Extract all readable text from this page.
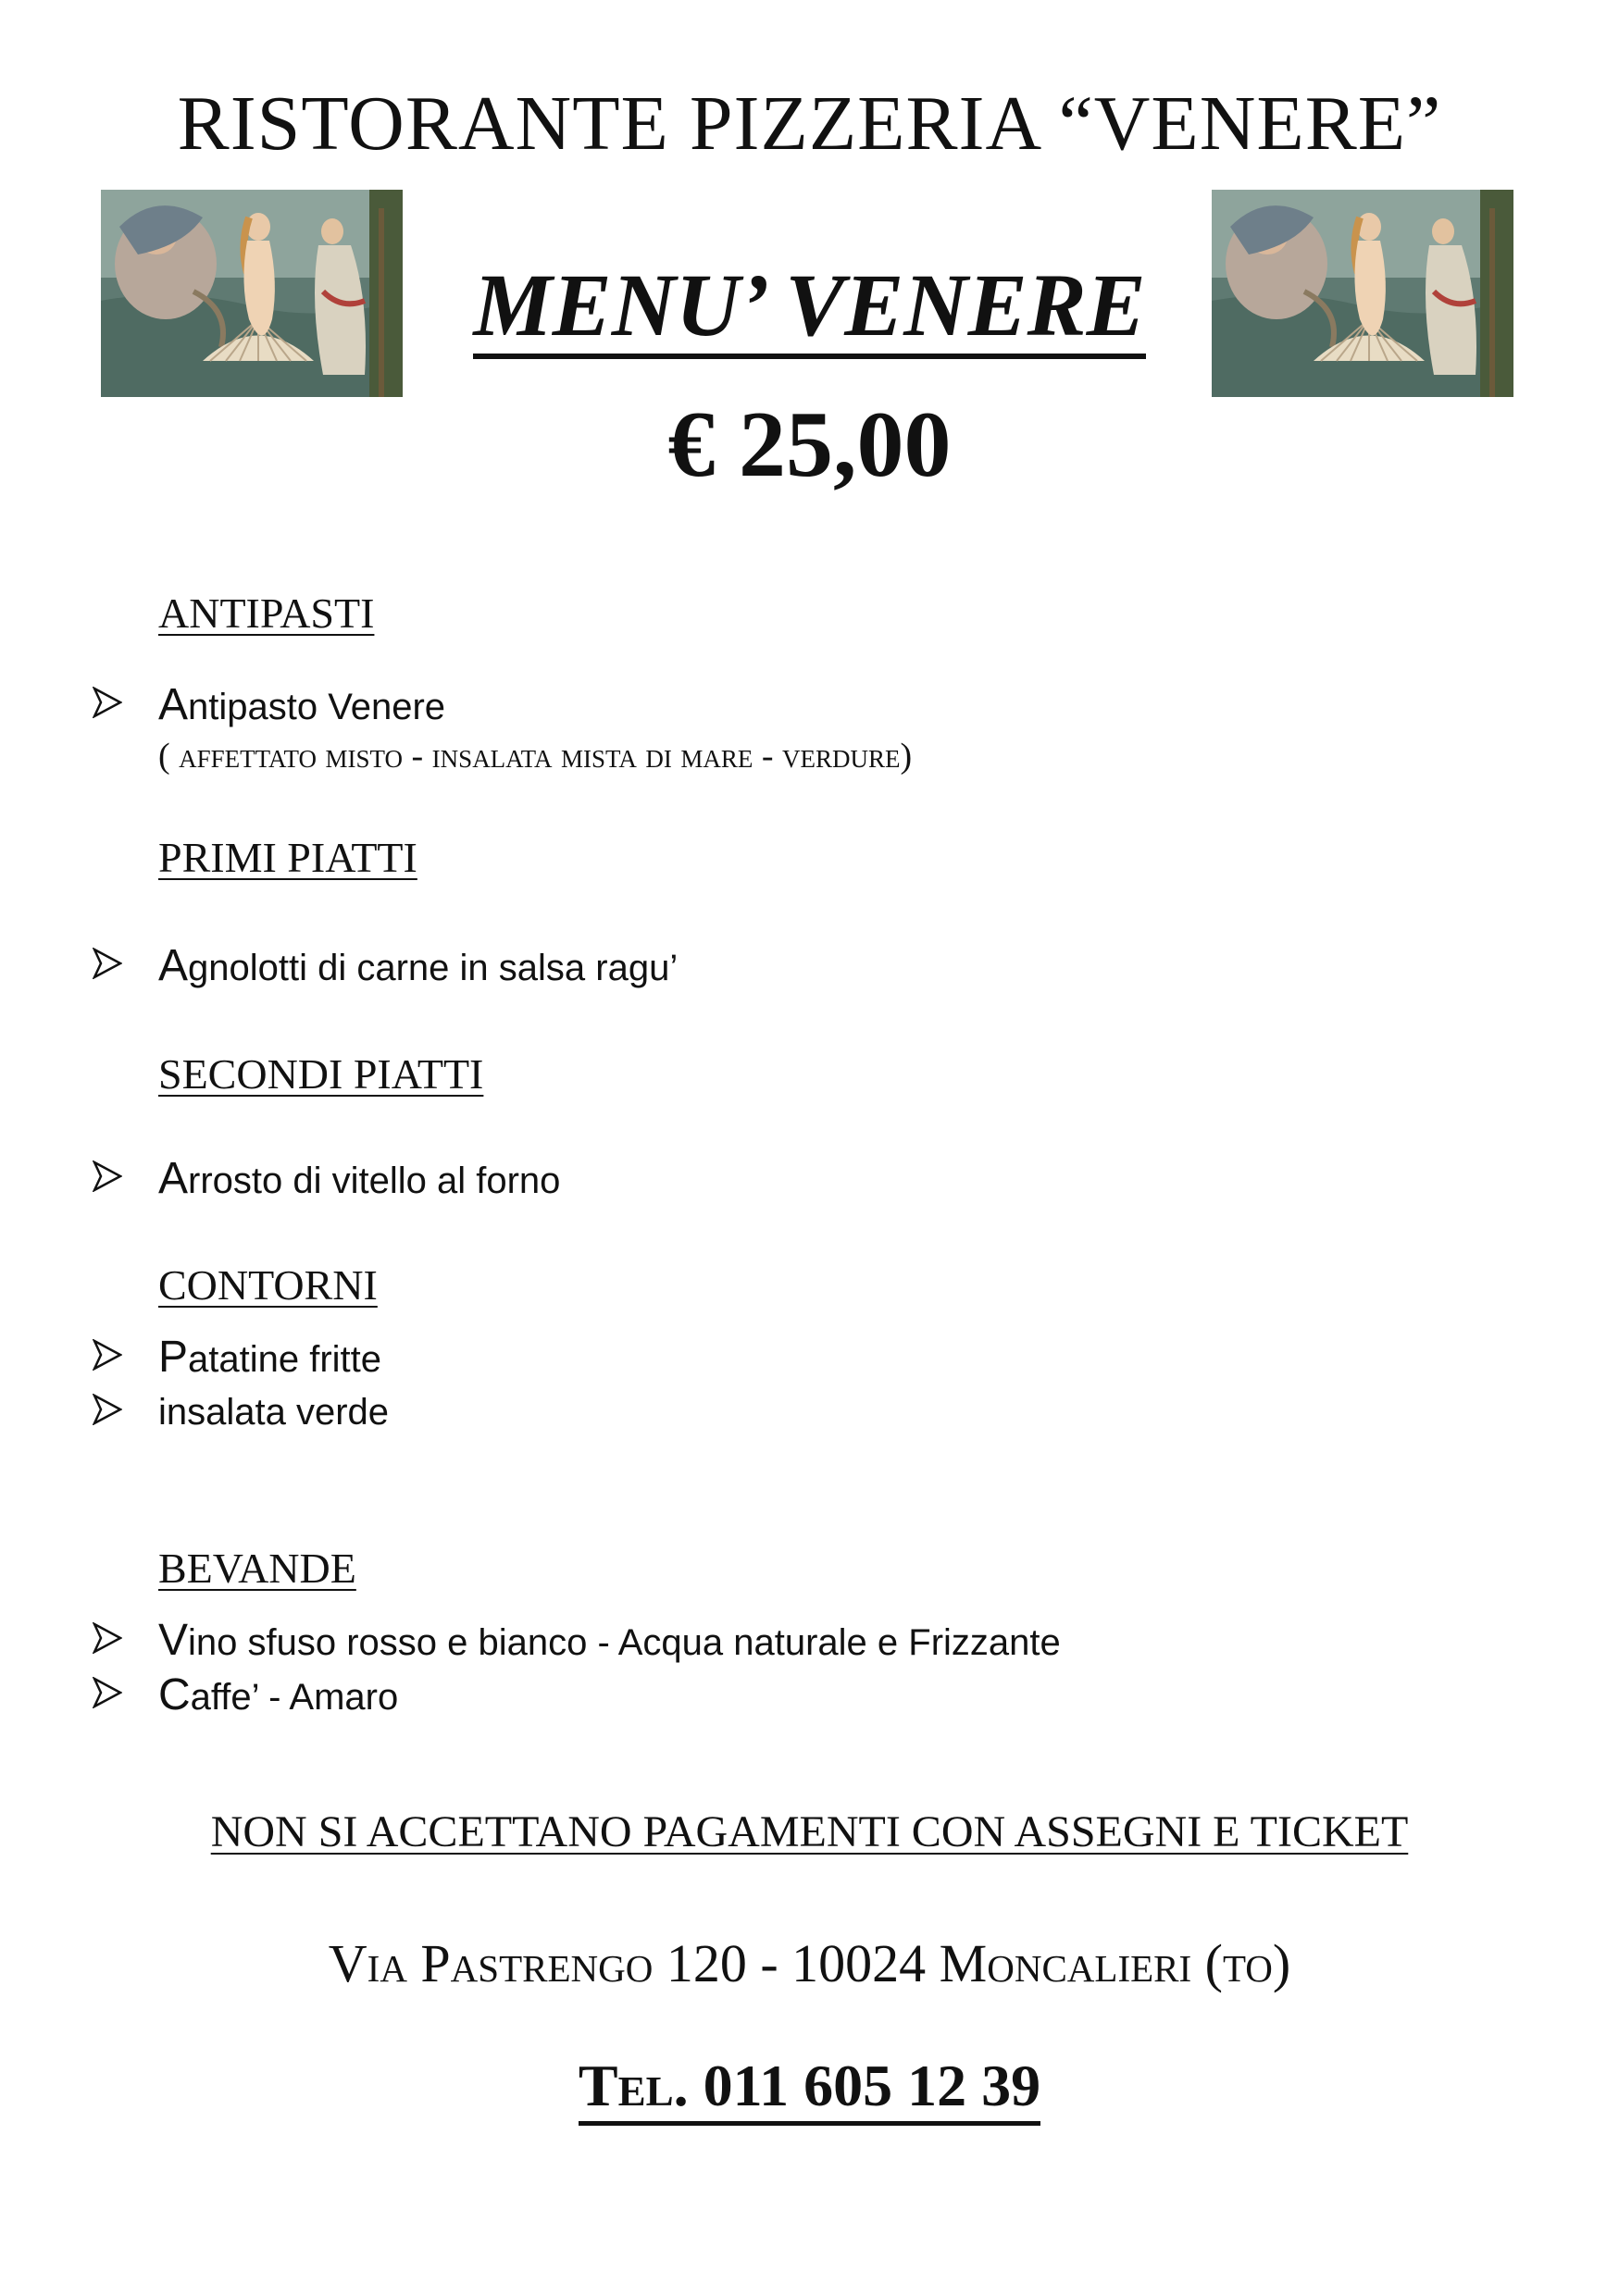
RISTORANTE PIZZERIA “VENERE”
MENU’ VENERE
€ 25,00
ANTIPASTI
Antipasto Venere
( affettato misto - insalata mista di mare - verdure)
PRIMI PIATTI
Agnolotti di carne in salsa ragu’
SECONDI PIATTI
Arrosto di vitello al forno
CONTORNI
Patatine fritte
insalata verde
BEVANDE
Vino sfuso rosso e bianco - Acqua naturale e Frizzante
Caffe’ - Amaro
NON SI ACCETTANO PAGAMENTI CON ASSEGNI E TICKET
Via Pastrengo 120 - 10024 Moncalieri (to)
Tel. 011 605 12 39
